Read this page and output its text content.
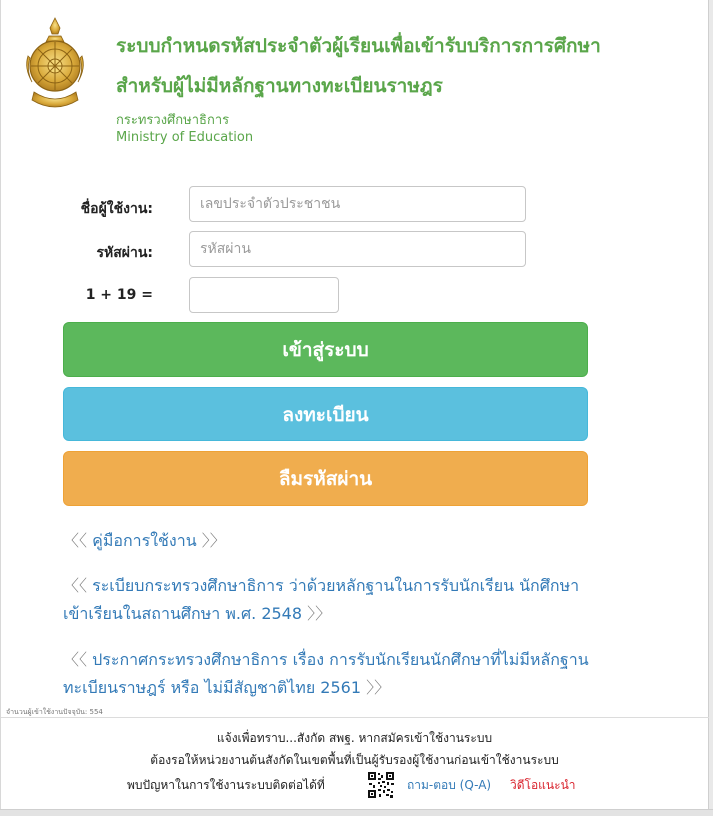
ระบบกำหนดรหัสประจำตัวผู้เรียนเพื่อเข้ารับบริการการศึกษา
สำหรับผู้ไม่มีหลักฐานทางทะเบียนราษฎร
กระทรวงศึกษาธิการ
Ministry of Education
ชื่อผู้ใช้งาน:
เลขประจำตัวประชาชน
รหัสผ่าน:
1 + 19 =
เข้าสู่ระบบ
ลงทะเบียน
ลืมรหัสผ่าน
〈〈 คู่มือการใช้งาน 〉〉
〈〈 ระเบียบกระทรวงศึกษาธิการ ว่าด้วยหลักฐานในการรับนักเรียน นักศึกษาเข้าเรียนในสถานศึกษา พ.ศ. 2548 〉〉
〈〈 ประกาศกระทรวงศึกษาธิการ เรื่อง การรับนักเรียนนักศึกษาที่ไม่มีหลักฐานทะเบียนราษฎร์ หรือ ไม่มีสัญชาติไทย 2561 〉〉
จำนวนผู้เข้าใช้งานปัจจุบัน: 554
แจ้งเพื่อทราบ...สังกัด สพฐ. หากสมัครเข้าใช้งานระบบ
ต้องรอให้หน่วยงานต้นสังกัดในเขตพื้นที่เป็นผู้รับรองผู้ใช้งานก่อนเข้าใช้งานระบบ
พบปัญหาในการใช้งานระบบติดต่อได้ที่	ถาม-ตอบ (Q-A) วิดีโอแนะนำ
